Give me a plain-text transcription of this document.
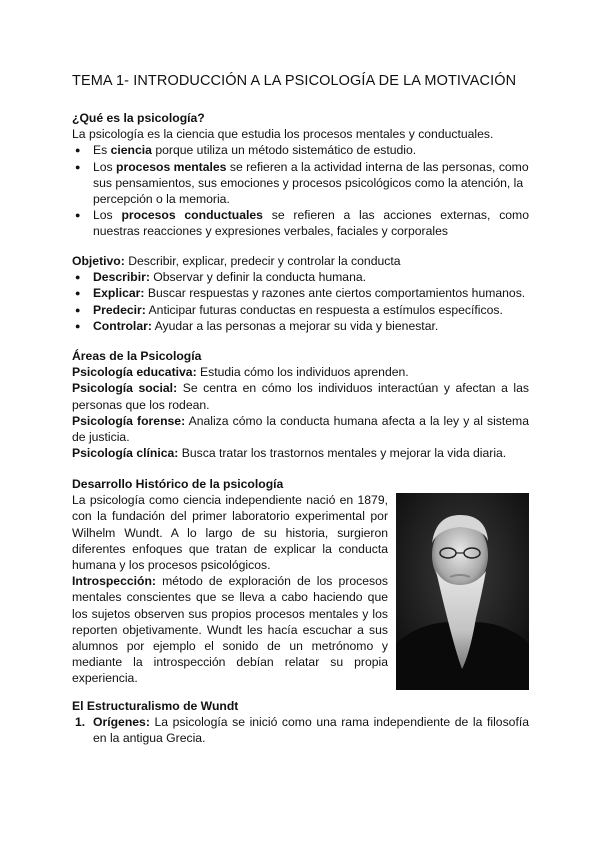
TEMA 1- INTRODUCCIÓN A LA PSICOLOGÍA DE LA MOTIVACIÓN
¿Qué es la psicología?

La psicología es la ciencia que estudia los procesos mentales y conductuales.

● Es ciencia porque utiliza un método sistemático de estudio.
● Los procesos mentales se refieren a la actividad interna de las personas, como sus pensamientos, sus emociones y procesos psicológicos como la atención, la percepción o la memoria.
● Los procesos conductuales se refieren a las acciones externas, como nuestras reacciones y expresiones verbales, faciales y corporales

Objetivo: Describir, explicar, predecir y controlar la conducta

● Describir: Observar y definir la conducta humana.
● Explicar: Buscar respuestas y razones ante ciertos comportamientos humanos.
● Predecir: Anticipar futuras conductas en respuesta a estímulos específicos.
● Controlar: Ayudar a las personas a mejorar su vida y bienestar.
Áreas de la Psicología

Psicología educativa: Estudia cómo los individuos aprenden.

Psicología social: Se centra en cómo los individuos interactúan y afectan a las personas que los rodean.

Psicología forense: Analiza cómo la conducta humana afecta a la ley y al sistema de justicia.

Psicología clínica: Busca tratar los trastornos mentales y mejorar la vida diaria.

Desarrollo Histórico de la psicología

La psicología como ciencia independiente nació en 1879, con la fundación del primer laboratorio experimental por Wilhelm Wundt. A lo largo de su historia, surgieron diferentes enfoques que tratan de explicar la conducta humana y los procesos psicológicos.

Introspección: método de exploración de los procesos mentales conscientes que se lleva a cabo haciendo que los sujetos observen sus propios procesos mentales y los reporten objetivamente. Wundt les hacía escuchar a sus alumnos por ejemplo el sonido de un metrónomo y mediante la introspección debían relatar su propia experiencia.

El Estructuralismo de Wundt
1. Orígenes: La psicología se inició como una rama independiente de la filosofía en la antigua Grecia.
